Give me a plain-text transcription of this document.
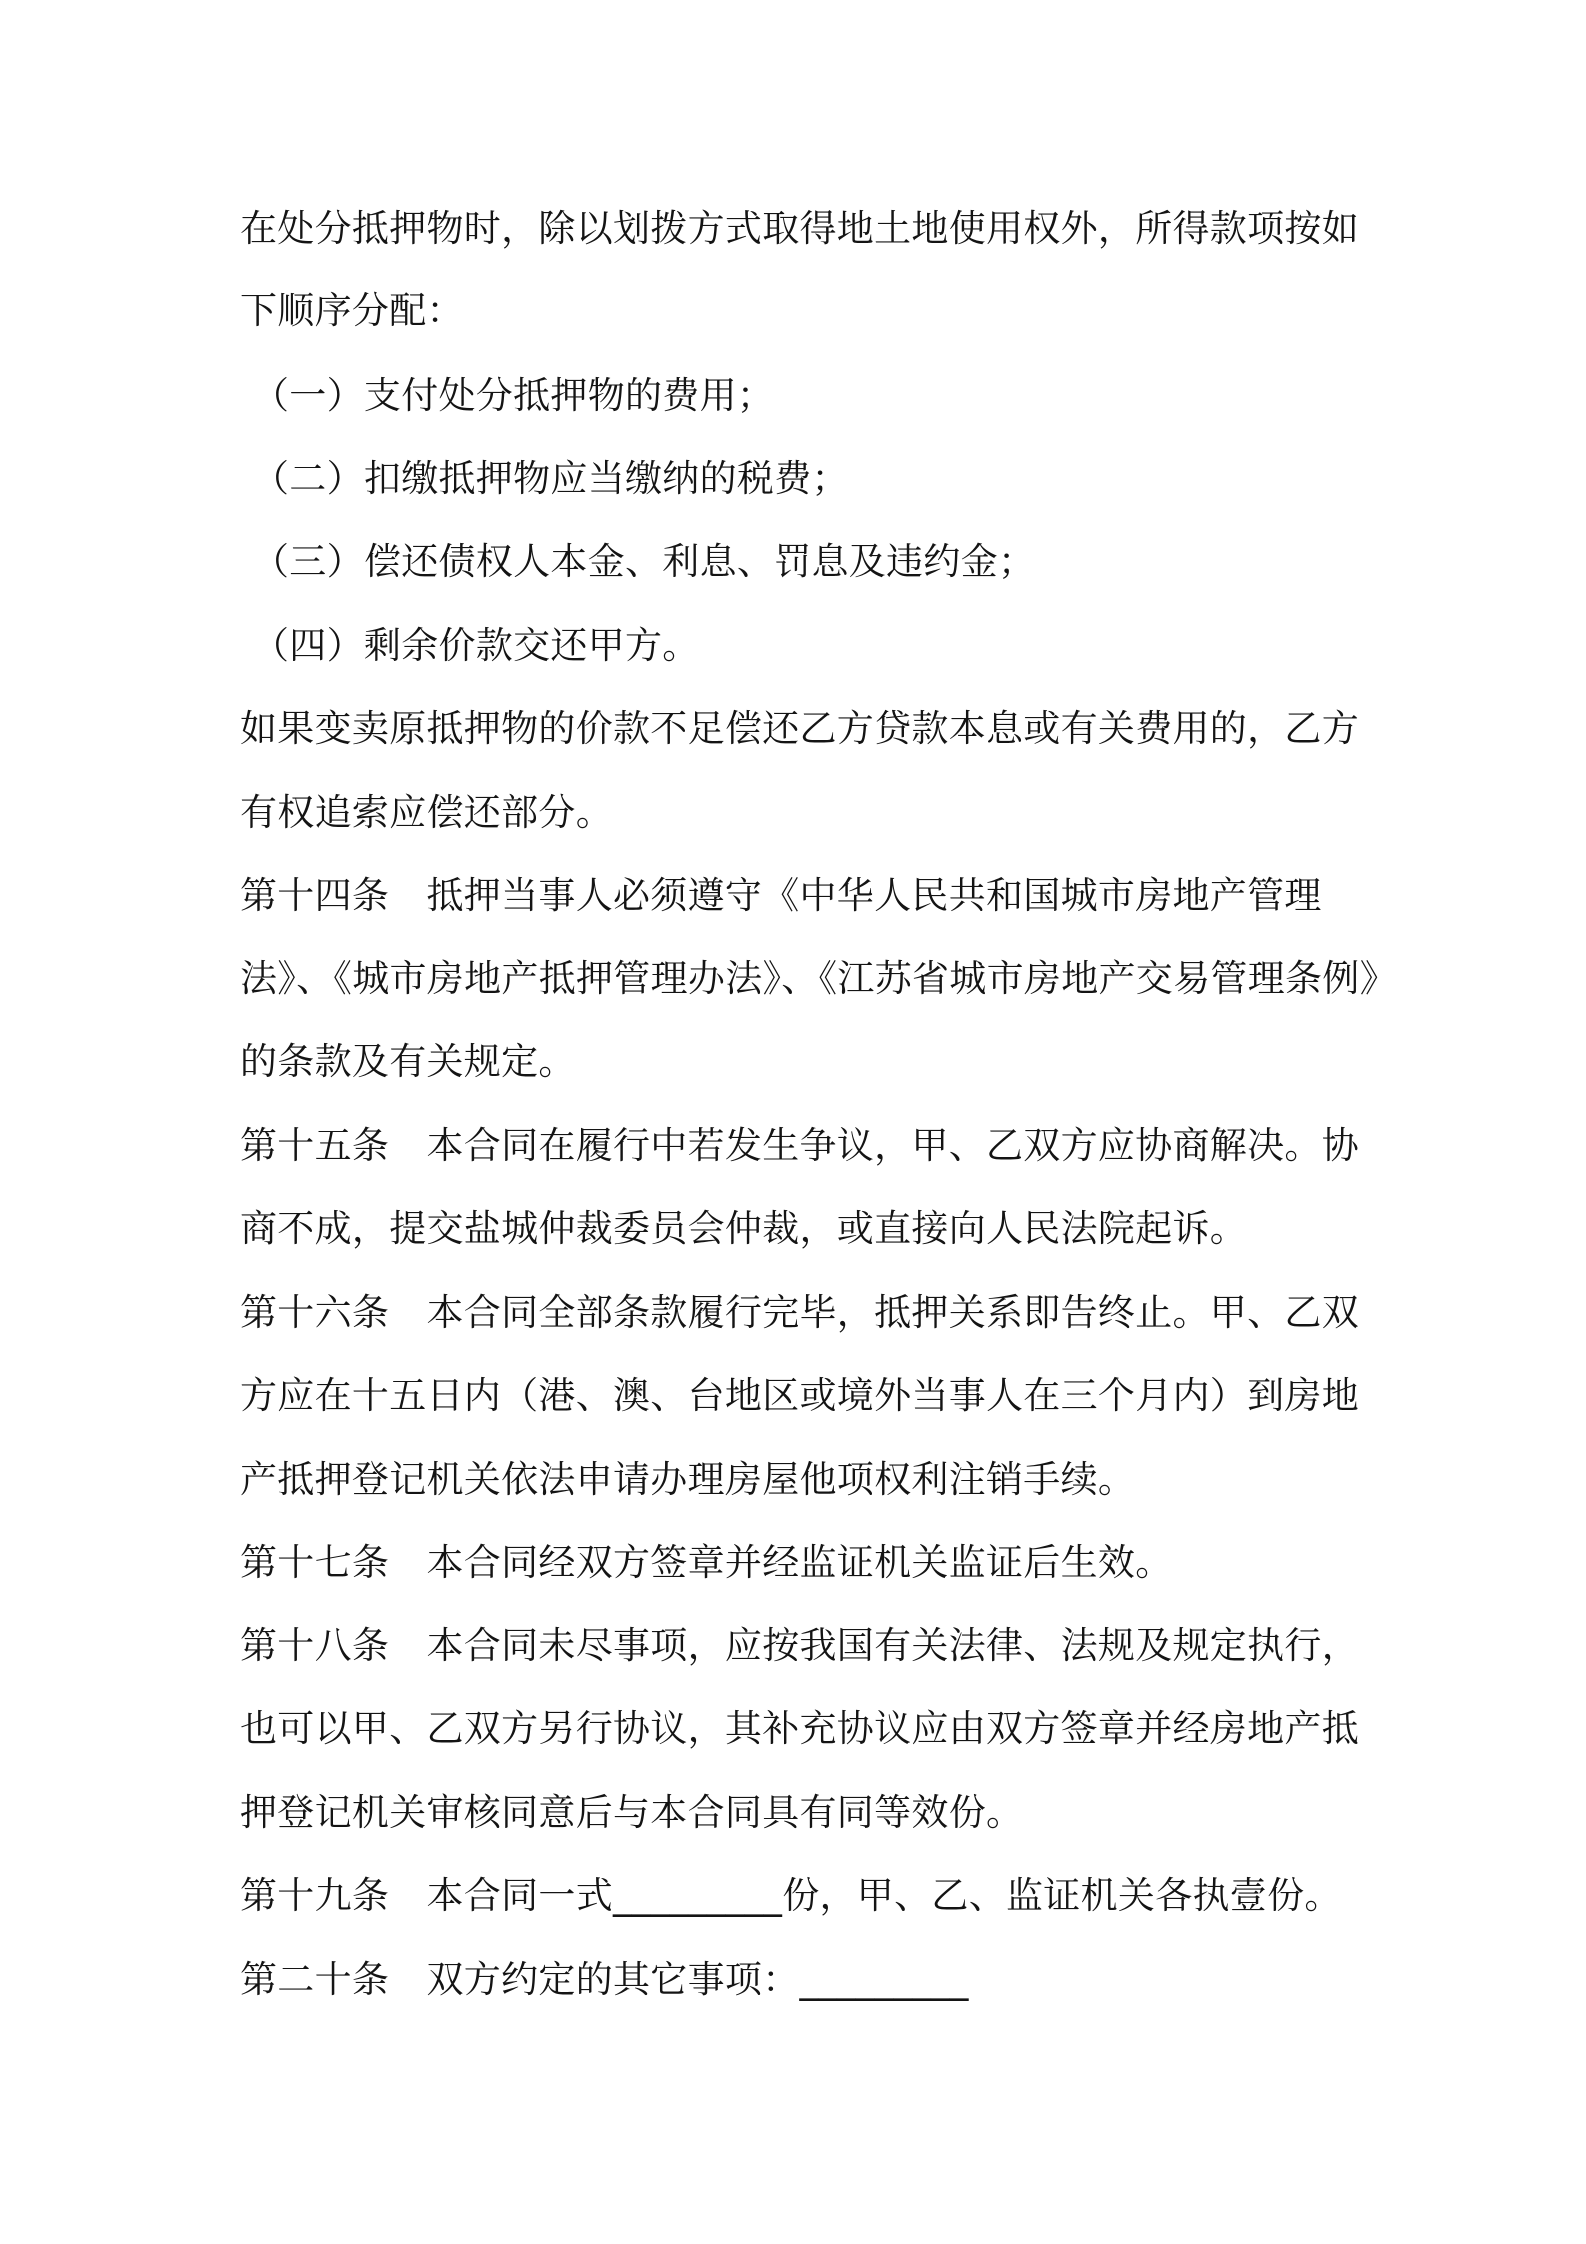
在处分抵押物时，除以划拨方式取得地土地使用权外，所得款项按如
下顺序分配：
（一）支付处分抵押物的费用；
（二）扣缴抵押物应当缴纳的税费；
（三）偿还债权人本金、利息、罚息及违约金；
（四）剩余价款交还甲方。
如果变卖原抵押物的价款不足偿还乙方贷款本息或有关费用的，乙方
有权追索应偿还部分。
第十四条　抵押当事人必须遵守《中华人民共和国城市房地产管理
法》、《城市房地产抵押管理办法》、《江苏省城市房地产交易管理条例》
的条款及有关规定。
第十五条　本合同在履行中若发生争议，甲、乙双方应协商解决。协
商不成，提交盐城仲裁委员会仲裁，或直接向人民法院起诉。
第十六条　本合同全部条款履行完毕，抵押关系即告终止。甲、乙双
方应在十五日内（港、澳、台地区或境外当事人在三个月内）到房地
产抵押登记机关依法申请办理房屋他项权利注销手续。
第十七条　本合同经双方签章并经监证机关监证后生效。
第十八条　本合同未尽事项，应按我国有关法律、法规及规定执行，
也可以甲、乙双方另行协议，其补充协议应由双方签章并经房地产抵
押登记机关审核同意后与本合同具有同等效份。
第十九条　本合同一式_________份，甲、乙、监证机关各执壹份。
第二十条　双方约定的其它事项：_________
